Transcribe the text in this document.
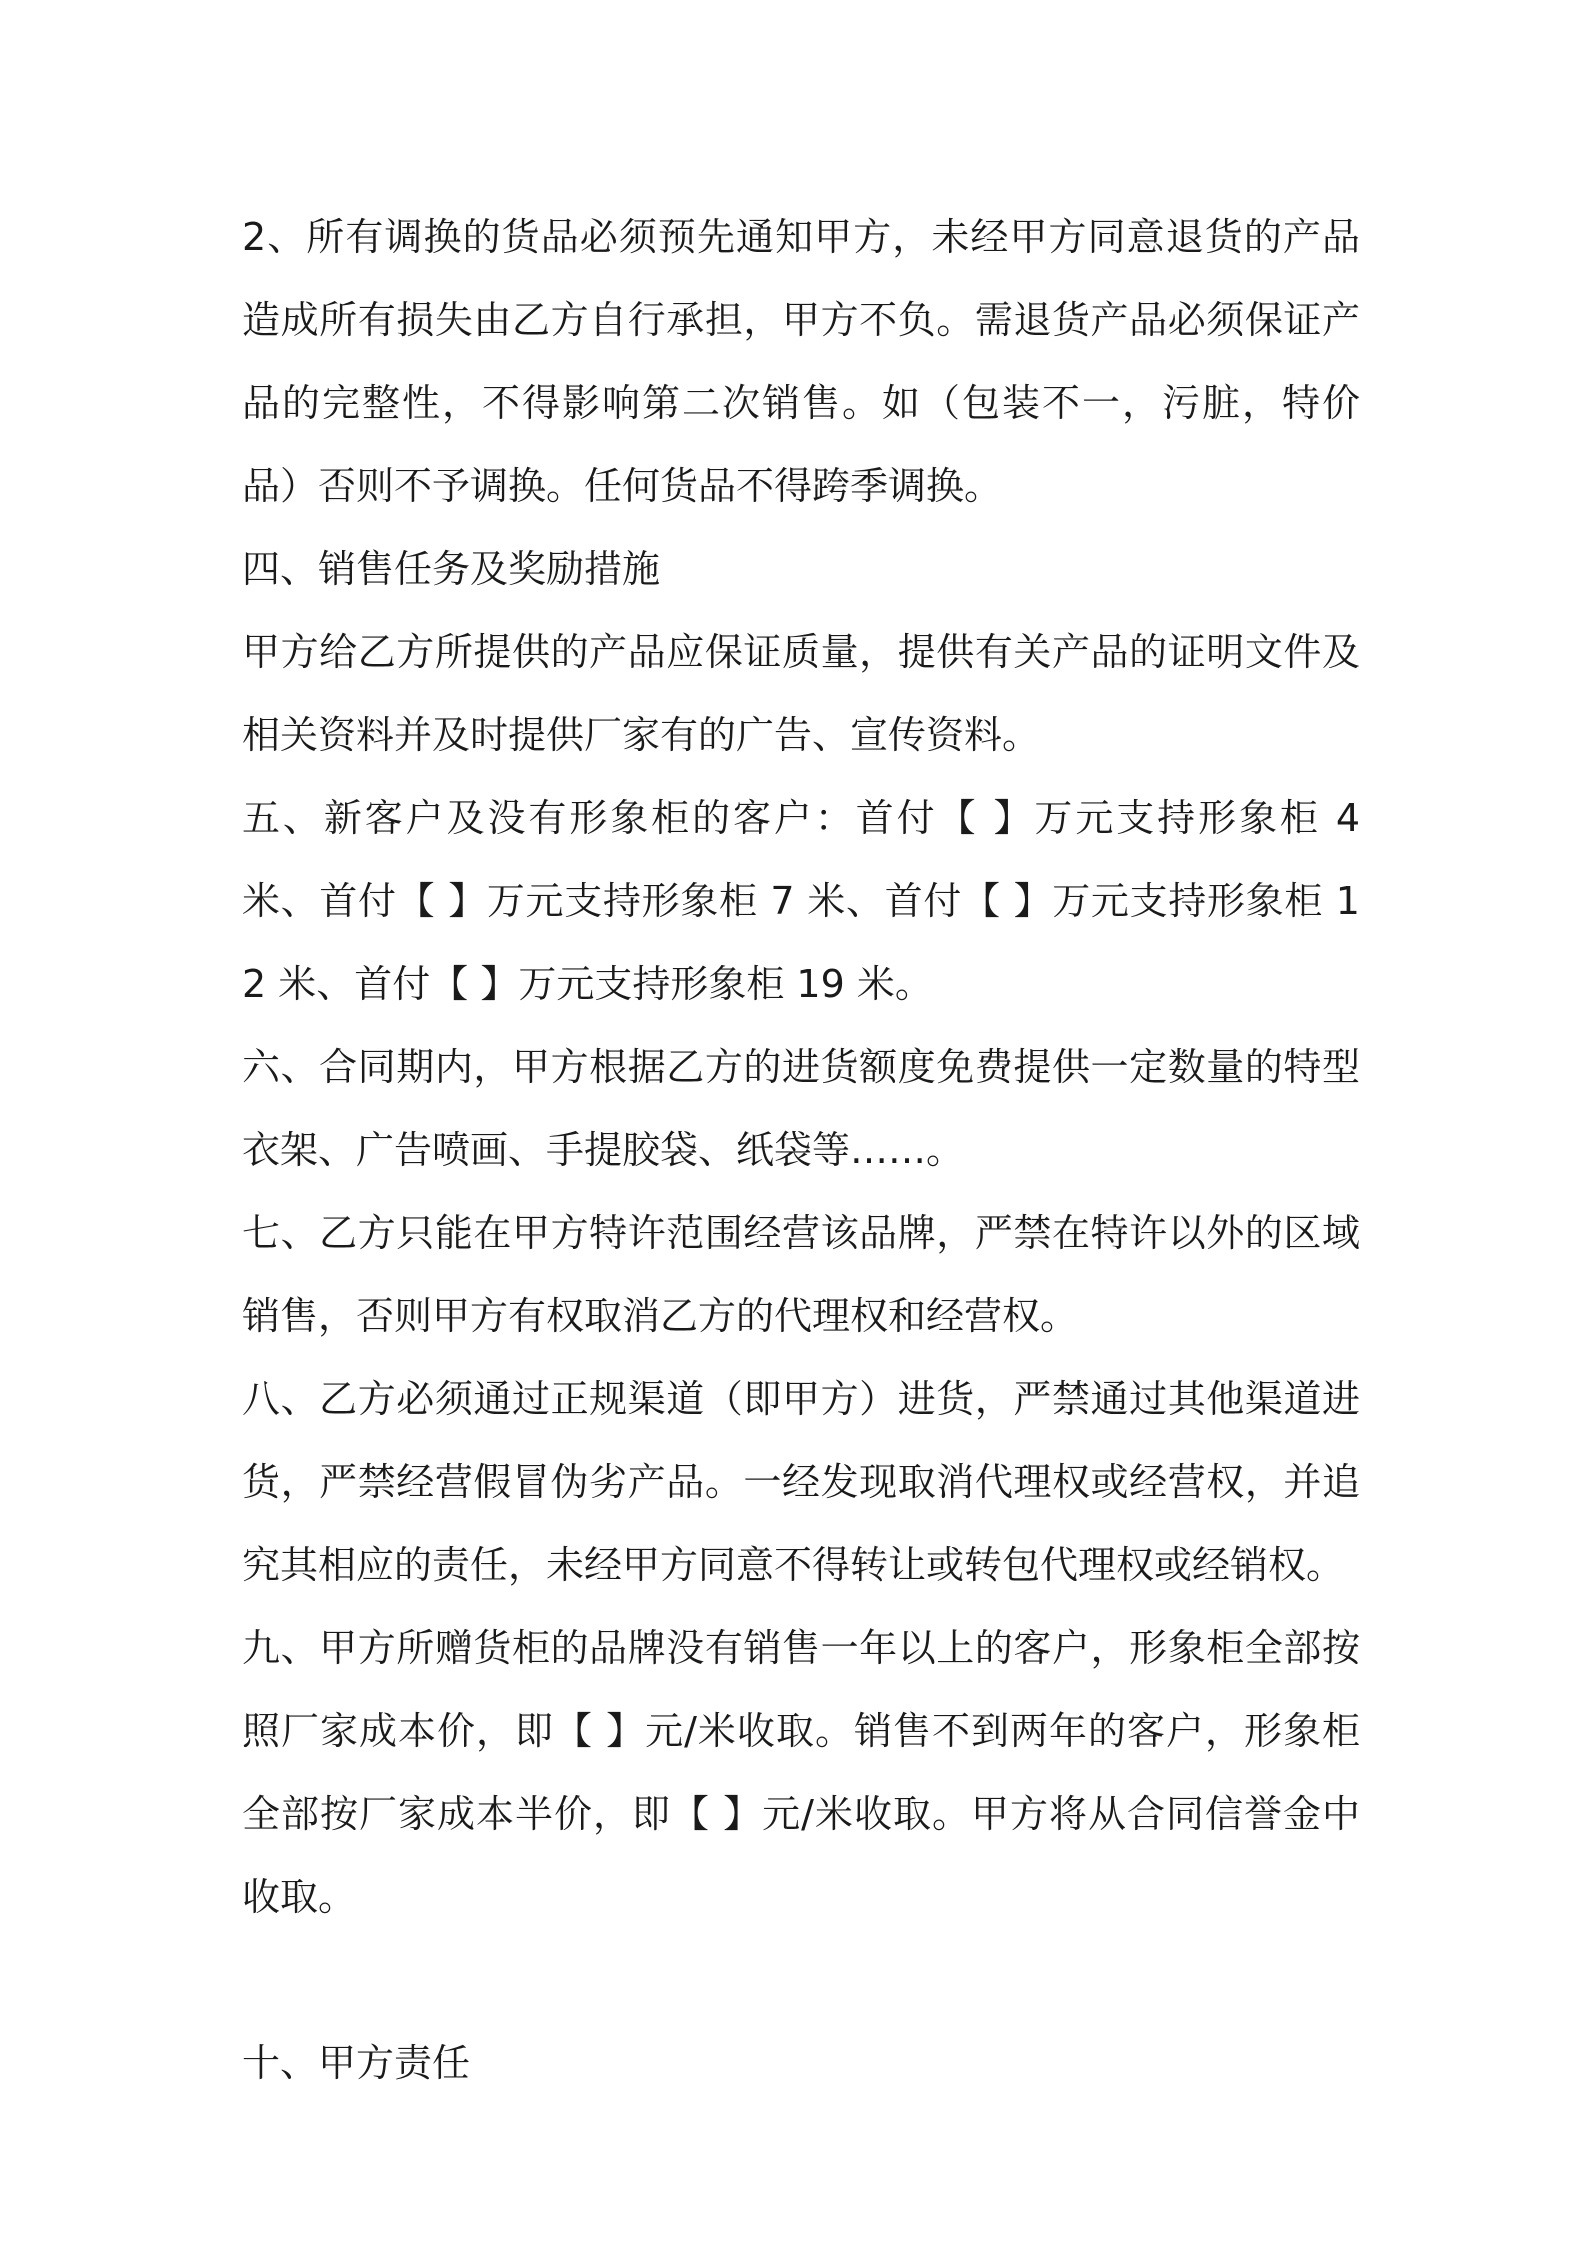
2、所有调换的货品必须预先通知甲方，未经甲方同意退货的产品造成所有损失由乙方自行承担，甲方不负。需退货产品必须保证产品的完整性，不得影响第二次销售。如（包装不一，污脏，特价品）否则不予调换。任何货品不得跨季调换。

四、销售任务及奖励措施

甲方给乙方所提供的产品应保证质量，提供有关产品的证明文件及相关资料并及时提供厂家有的广告、宣传资料。

五、新客户及没有形象柜的客户：首付【 】万元支持形象柜 4 米、首付【 】万元支持形象柜 7 米、首付【 】万元支持形象柜 12 米、首付【 】万元支持形象柜 19 米。

六、合同期内，甲方根据乙方的进货额度免费提供一定数量的特型衣架、广告喷画、手提胶袋、纸袋等……。

七、乙方只能在甲方特许范围经营该品牌，严禁在特许以外的区域销售，否则甲方有权取消乙方的代理权和经营权。

八、乙方必须通过正规渠道（即甲方）进货，严禁通过其他渠道进货，严禁经营假冒伪劣产品。一经发现取消代理权或经营权，并追究其相应的责任，未经甲方同意不得转让或转包代理权或经销权。

九、甲方所赠货柜的品牌没有销售一年以上的客户，形象柜全部按照厂家成本价，即【 】元/米收取。销售不到两年的客户，形象柜全部按厂家成本半价，即【 】元/米收取。甲方将从合同信誉金中收取。

十、甲方责任
